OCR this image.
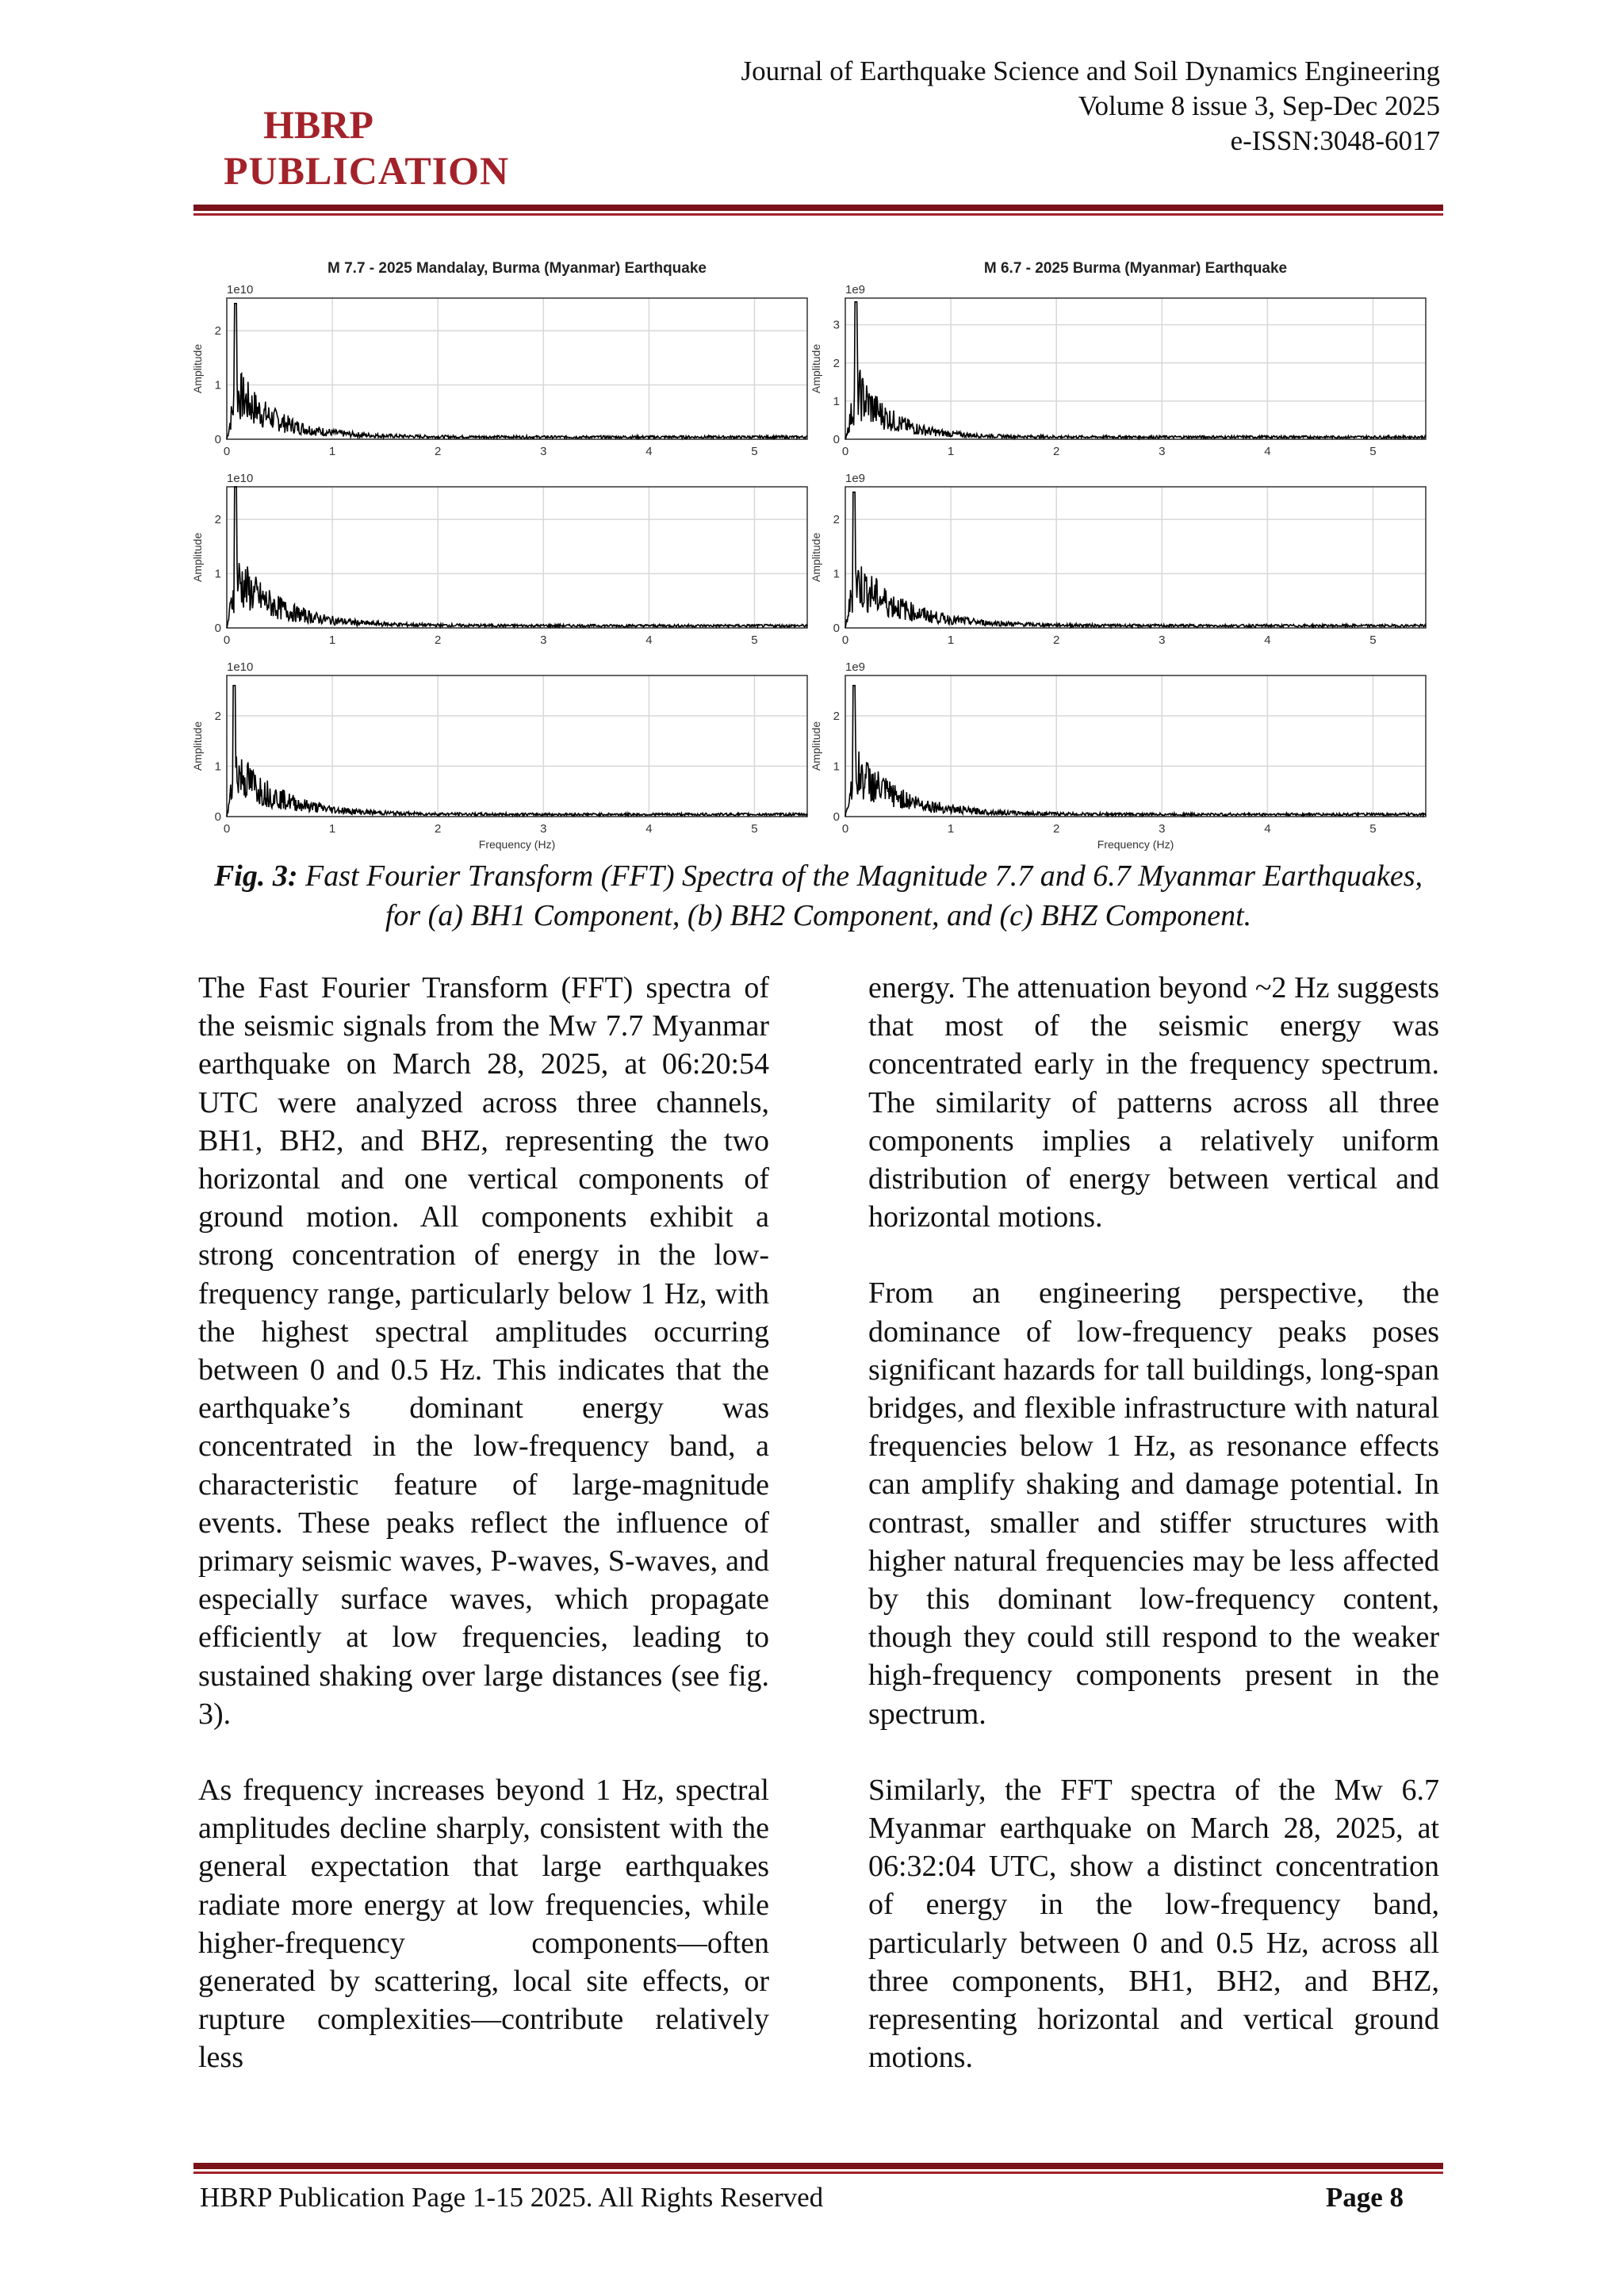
HBRP
PUBLICATION
Journal of Earthquake Science and Soil Dynamics Engineering
Volume 8 issue 3, Sep-Dec 2025
e-ISSN:3048-6017
M 7.7 - 2025 Mandalay, Burma (Myanmar) Earthquake
1e10
0	1	2	3	4	5
0
1
2
Amplitude
M 6.7 - 2025 Burma (Myanmar) Earthquake
1e9
0	1	2	3	4	5
0
1
2
3
Amplitude
1e10
0	1	2	3	4	5
0
1
2
Amplitude
1e9
0	1	2	3	4	5
0
1
2
Amplitude
1e10
0	1	2	3	4	5
0
1
2
Amplitude
Frequency (Hz)
1e9
0	1	2	3	4	5
0
1
2
Amplitude
Frequency (Hz)
Fig. 3: Fast Fourier Transform (FFT) Spectra of the Magnitude 7.7 and 6.7 Myanmar Earthquakes, for (a) BH1 Component, (b) BH2 Component, and (c) BHZ Component.

The Fast Fourier Transform (FFT) spectra of the seismic signals from the Mw 7.7 Myanmar earthquake on March 28, 2025, at 06:20:54 UTC were analyzed across three channels, BH1, BH2, and BHZ, representing the two horizontal and one vertical components of ground motion. All components exhibit a strong concentration of energy in the low-frequency range, particularly below 1 Hz, with the highest spectral amplitudes occurring between 0 and 0.5 Hz. This indicates that the earthquake’s dominant energy was concentrated in the low-frequency band, a characteristic feature of large-magnitude events. These peaks reflect the influence of primary seismic waves, P-waves, S-waves, and especially surface waves, which propagate efficiently at low frequencies, leading to sustained shaking over large distances (see fig. 3).

As frequency increases beyond 1 Hz, spectral amplitudes decline sharply, consistent with the general expectation that large earthquakes radiate more energy at low frequencies, while higher-frequency components—often generated by scattering, local site effects, or rupture complexities—contribute relatively less

energy. The attenuation beyond ~2 Hz suggests that most of the seismic energy was concentrated early in the frequency spectrum. The similarity of patterns across all three components implies a relatively uniform distribution of energy between vertical and horizontal motions.

From an engineering perspective, the dominance of low-frequency peaks poses significant hazards for tall buildings, long-span bridges, and flexible infrastructure with natural frequencies below 1 Hz, as resonance effects can amplify shaking and damage potential. In contrast, smaller and stiffer structures with higher natural frequencies may be less affected by this dominant low-frequency content, though they could still respond to the weaker high-frequency components present in the spectrum.

Similarly, the FFT spectra of the Mw 6.7 Myanmar earthquake on March 28, 2025, at 06:32:04 UTC, show a distinct concentration of energy in the low-frequency band, particularly between 0 and 0.5 Hz, across all three components, BH1, BH2, and BHZ, representing horizontal and vertical ground motions.

HBRP Publication Page 1-15 2025. All Rights Reserved	Page 8
